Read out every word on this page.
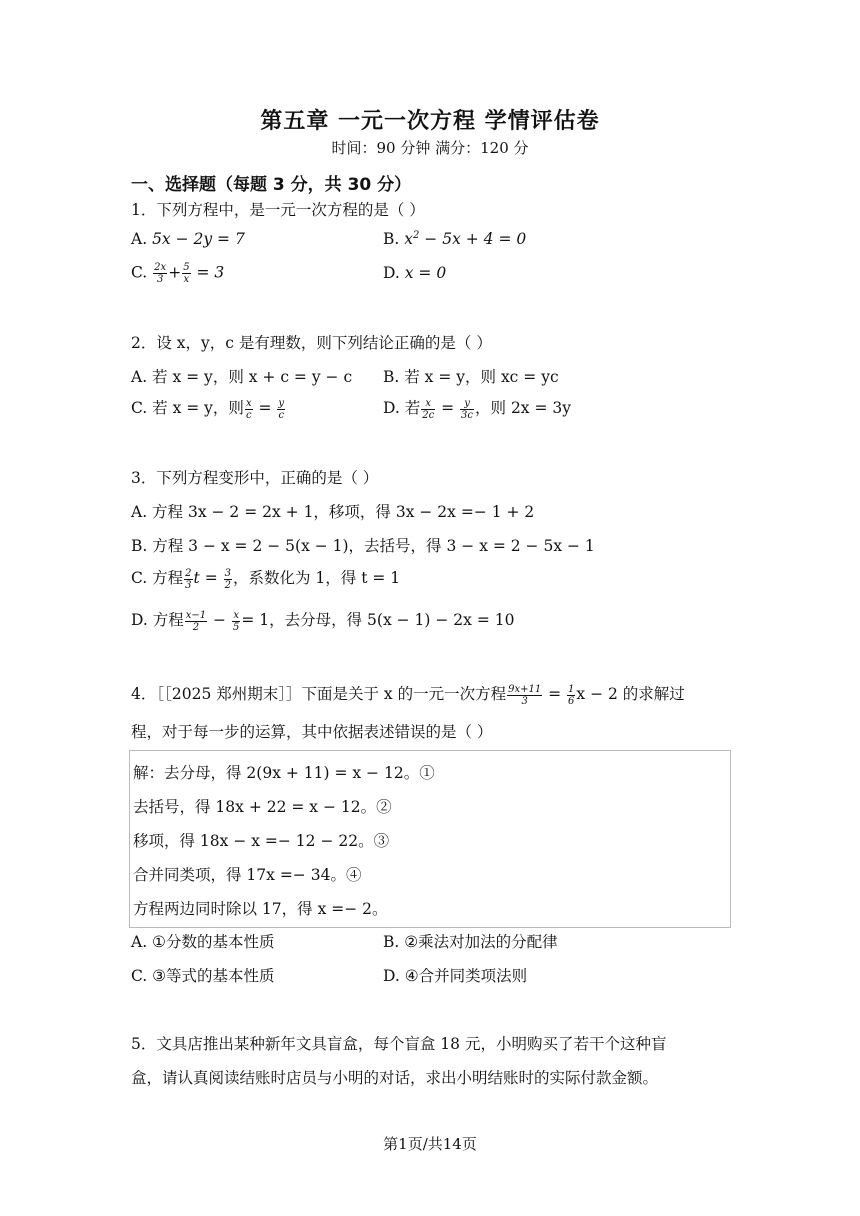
第五章 一元一次方程 学情评估卷
时间：90 分钟 满分：120 分
一、选择题（每题 3 分，共 30 分）
1．下列方程中，是一元一次方程的是（ ）
A. 5x − 2y = 7	B. $x^2 - 5x + 4 = 0$
C. $\frac{2x}{3} + \frac{5}{x} = 3$	D. x = 0
2．设 x，y，c 是有理数，则下列结论正确的是（ ）
A. 若 x = y，则 x + c = y − c B. 若 x = y，则 xc = yc
C. 若 x = y，则 $\frac{x}{c} = \frac{y}{c}$	D. 若 $\frac{x}{2c} = \frac{y}{3c}$ ，则 2x = 3y
3．下列方程变形中，正确的是（ ）
A. 方程 3x − 2 = 2x + 1，移项，得 3x − 2x =− 1 + 2
B. 方程 3 − x = 2 − 5(x − 1)，去括号，得 3 − x = 2 − 5x − 1
C. 方程 $\frac{2}{3}$ $t = \frac{3}{2}$ ，系数化为 1，得 t = 1
D. 方程 $\frac{x-1}{2} - \frac{x}{5} = 1$，去分母，得 5(x − 1) − 2x = 10
4．［［2025 郑州期末］］下面是关于 x 的一元一次方程 $\frac{9x+11}{3} = \frac{1}{6}$ x − 2 的求解过
程，对于每一步的运算，其中依据表述错误的是（ ）
解：去分母，得 2(9x + 11) = x − 12。①
去括号，得 18x + 22 = x − 12。②
移项，得 18x − x =− 12 − 22。③
合并同类项，得 17x =− 34。④
方程两边同时除以 17，得 x =− 2。
A. ①分数的基本性质	B. ②乘法对加法的分配律
C. ③等式的基本性质	D. ④合并同类项法则
5．文具店推出某种新年文具盲盒，每个盲盒 18 元，小明购买了若干个这种盲
盒，请认真阅读结账时店员与小明的对话，求出小明结账时的实际付款金额。
第1页/共14页
